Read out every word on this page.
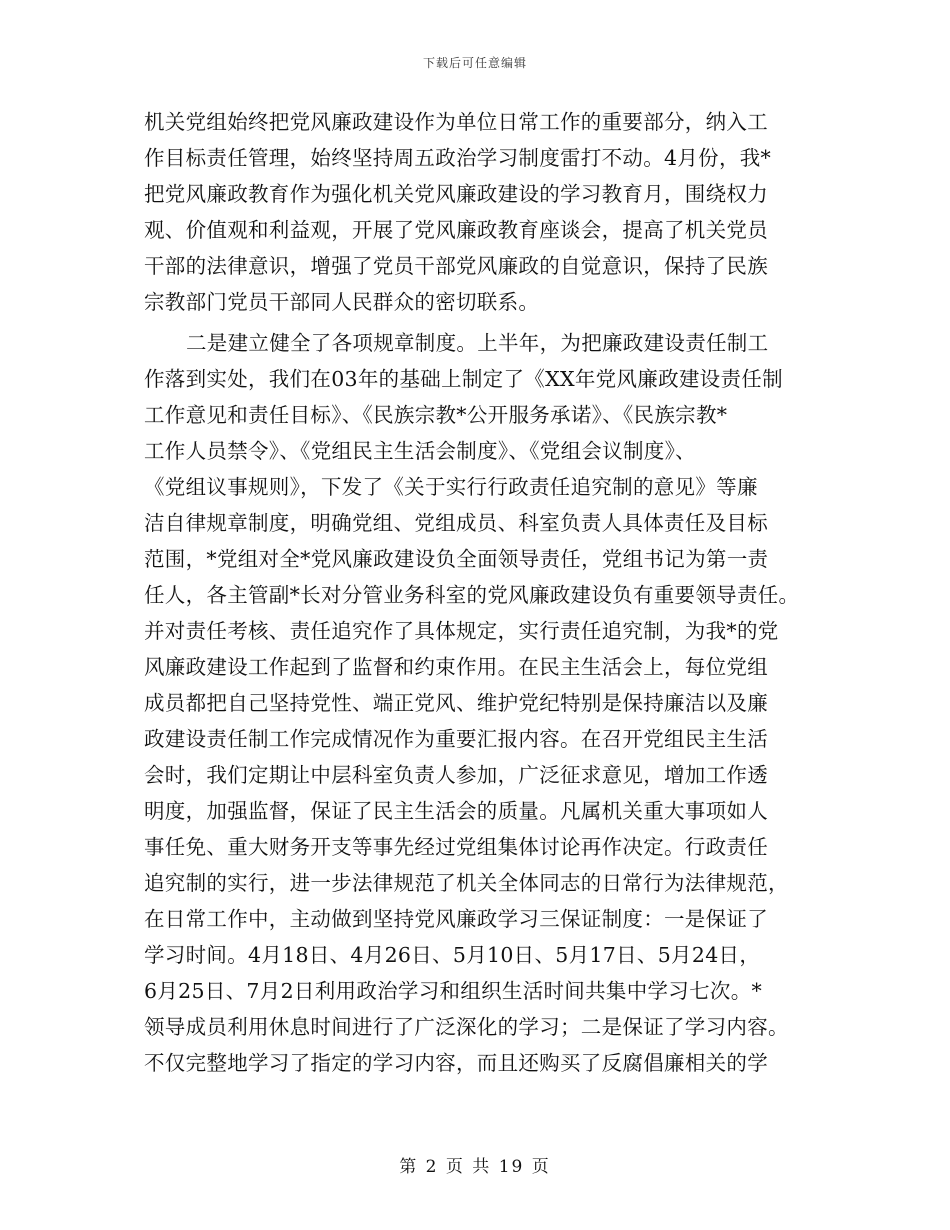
下载后可任意编辑
机关党组始终把党风廉政建设作为单位日常工作的重要部分，纳入工
作目标责任管理，始终坚持周五政治学习制度雷打不动。4月份，我*
把党风廉政教育作为强化机关党风廉政建设的学习教育月，围绕权力
观、价值观和利益观，开展了党风廉政教育座谈会，提高了机关党员
干部的法律意识，增强了党员干部党风廉政的自觉意识，保持了民族
宗教部门党员干部同人民群众的密切联系。
二是建立健全了各项规章制度。上半年，为把廉政建设责任制工
作落到实处，我们在03年的基础上制定了《XX年党风廉政建设责任制
工作意见和责任目标》、《民族宗教*公开服务承诺》、《民族宗教*
工作人员禁令》、《党组民主生活会制度》、《党组会议制度》、
《党组议事规则》，下发了《关于实行行政责任追究制的意见》等廉
洁自律规章制度，明确党组、党组成员、科室负责人具体责任及目标
范围，*党组对全*党风廉政建设负全面领导责任，党组书记为第一责
任人，各主管副*长对分管业务科室的党风廉政建设负有重要领导责任。
并对责任考核、责任追究作了具体规定，实行责任追究制，为我*的党
风廉政建设工作起到了监督和约束作用。在民主生活会上，每位党组
成员都把自己坚持党性、端正党风、维护党纪特别是保持廉洁以及廉
政建设责任制工作完成情况作为重要汇报内容。在召开党组民主生活
会时，我们定期让中层科室负责人参加，广泛征求意见，增加工作透
明度，加强监督，保证了民主生活会的质量。凡属机关重大事项如人
事任免、重大财务开支等事先经过党组集体讨论再作决定。行政责任
追究制的实行，进一步法律规范了机关全体同志的日常行为法律规范，
在日常工作中，主动做到坚持党风廉政学习三保证制度：一是保证了
学习时间。4月18日、4月26日、5月10日、5月17日、5月24日，
6月25日、7月2日利用政治学习和组织生活时间共集中学习七次。*
领导成员利用休息时间进行了广泛深化的学习；二是保证了学习内容。
不仅完整地学习了指定的学习内容，而且还购买了反腐倡廉相关的学
第 2 页 共 19 页
